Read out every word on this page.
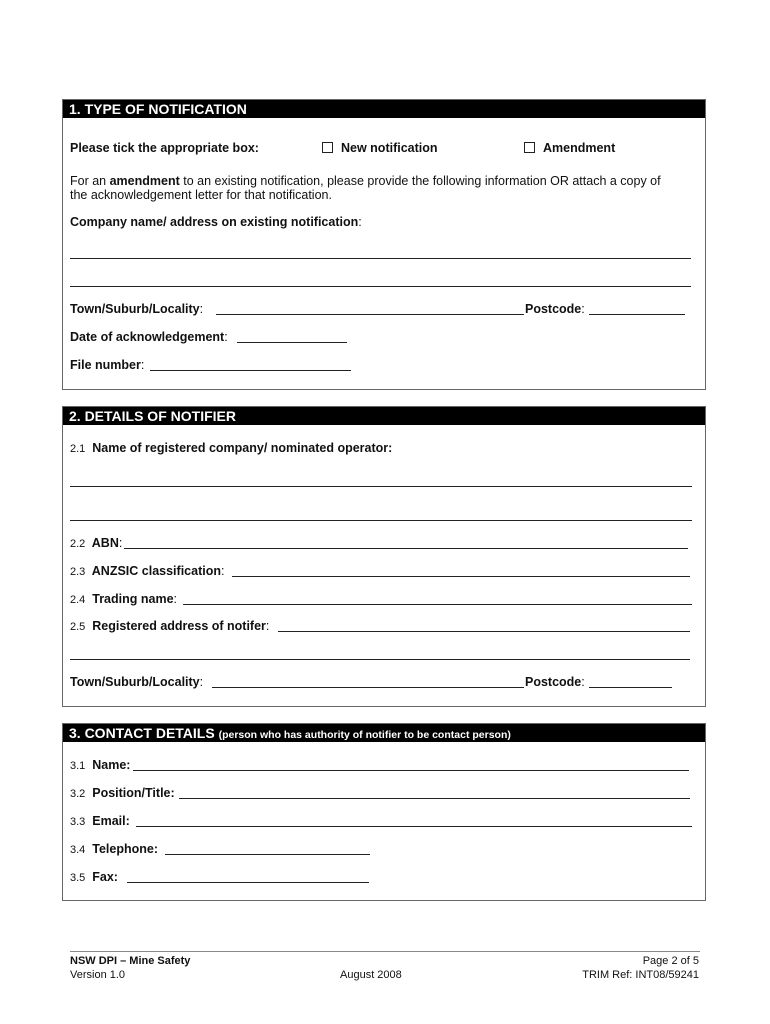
1. TYPE OF NOTIFICATION
Please tick the appropriate box:	New notification	Amendment
For an amendment to an existing notification, please provide the following information OR attach a copy of
the acknowledgement letter for that notification.
Company name/ address on existing notification:
Town/Suburb/Locality:	Postcode:
Date of acknowledgement:
File number:
2. DETAILS OF NOTIFIER
2.1 Name of registered company/ nominated operator:
2.2 ABN:
2.3 ANZSIC classification:
2.4 Trading name:
2.5 Registered address of notifer:
Town/Suburb/Locality:	Postcode:
3. CONTACT DETAILS (person who has authority of notifier to be contact person)
3.1 Name:
3.2 Position/Title:
3.3 Email:
3.4 Telephone:
3.5 Fax:
NSW DPI – Mine Safety
Version 1.0	August 2008
Page 2 of 5
TRIM Ref: INT08/59241
